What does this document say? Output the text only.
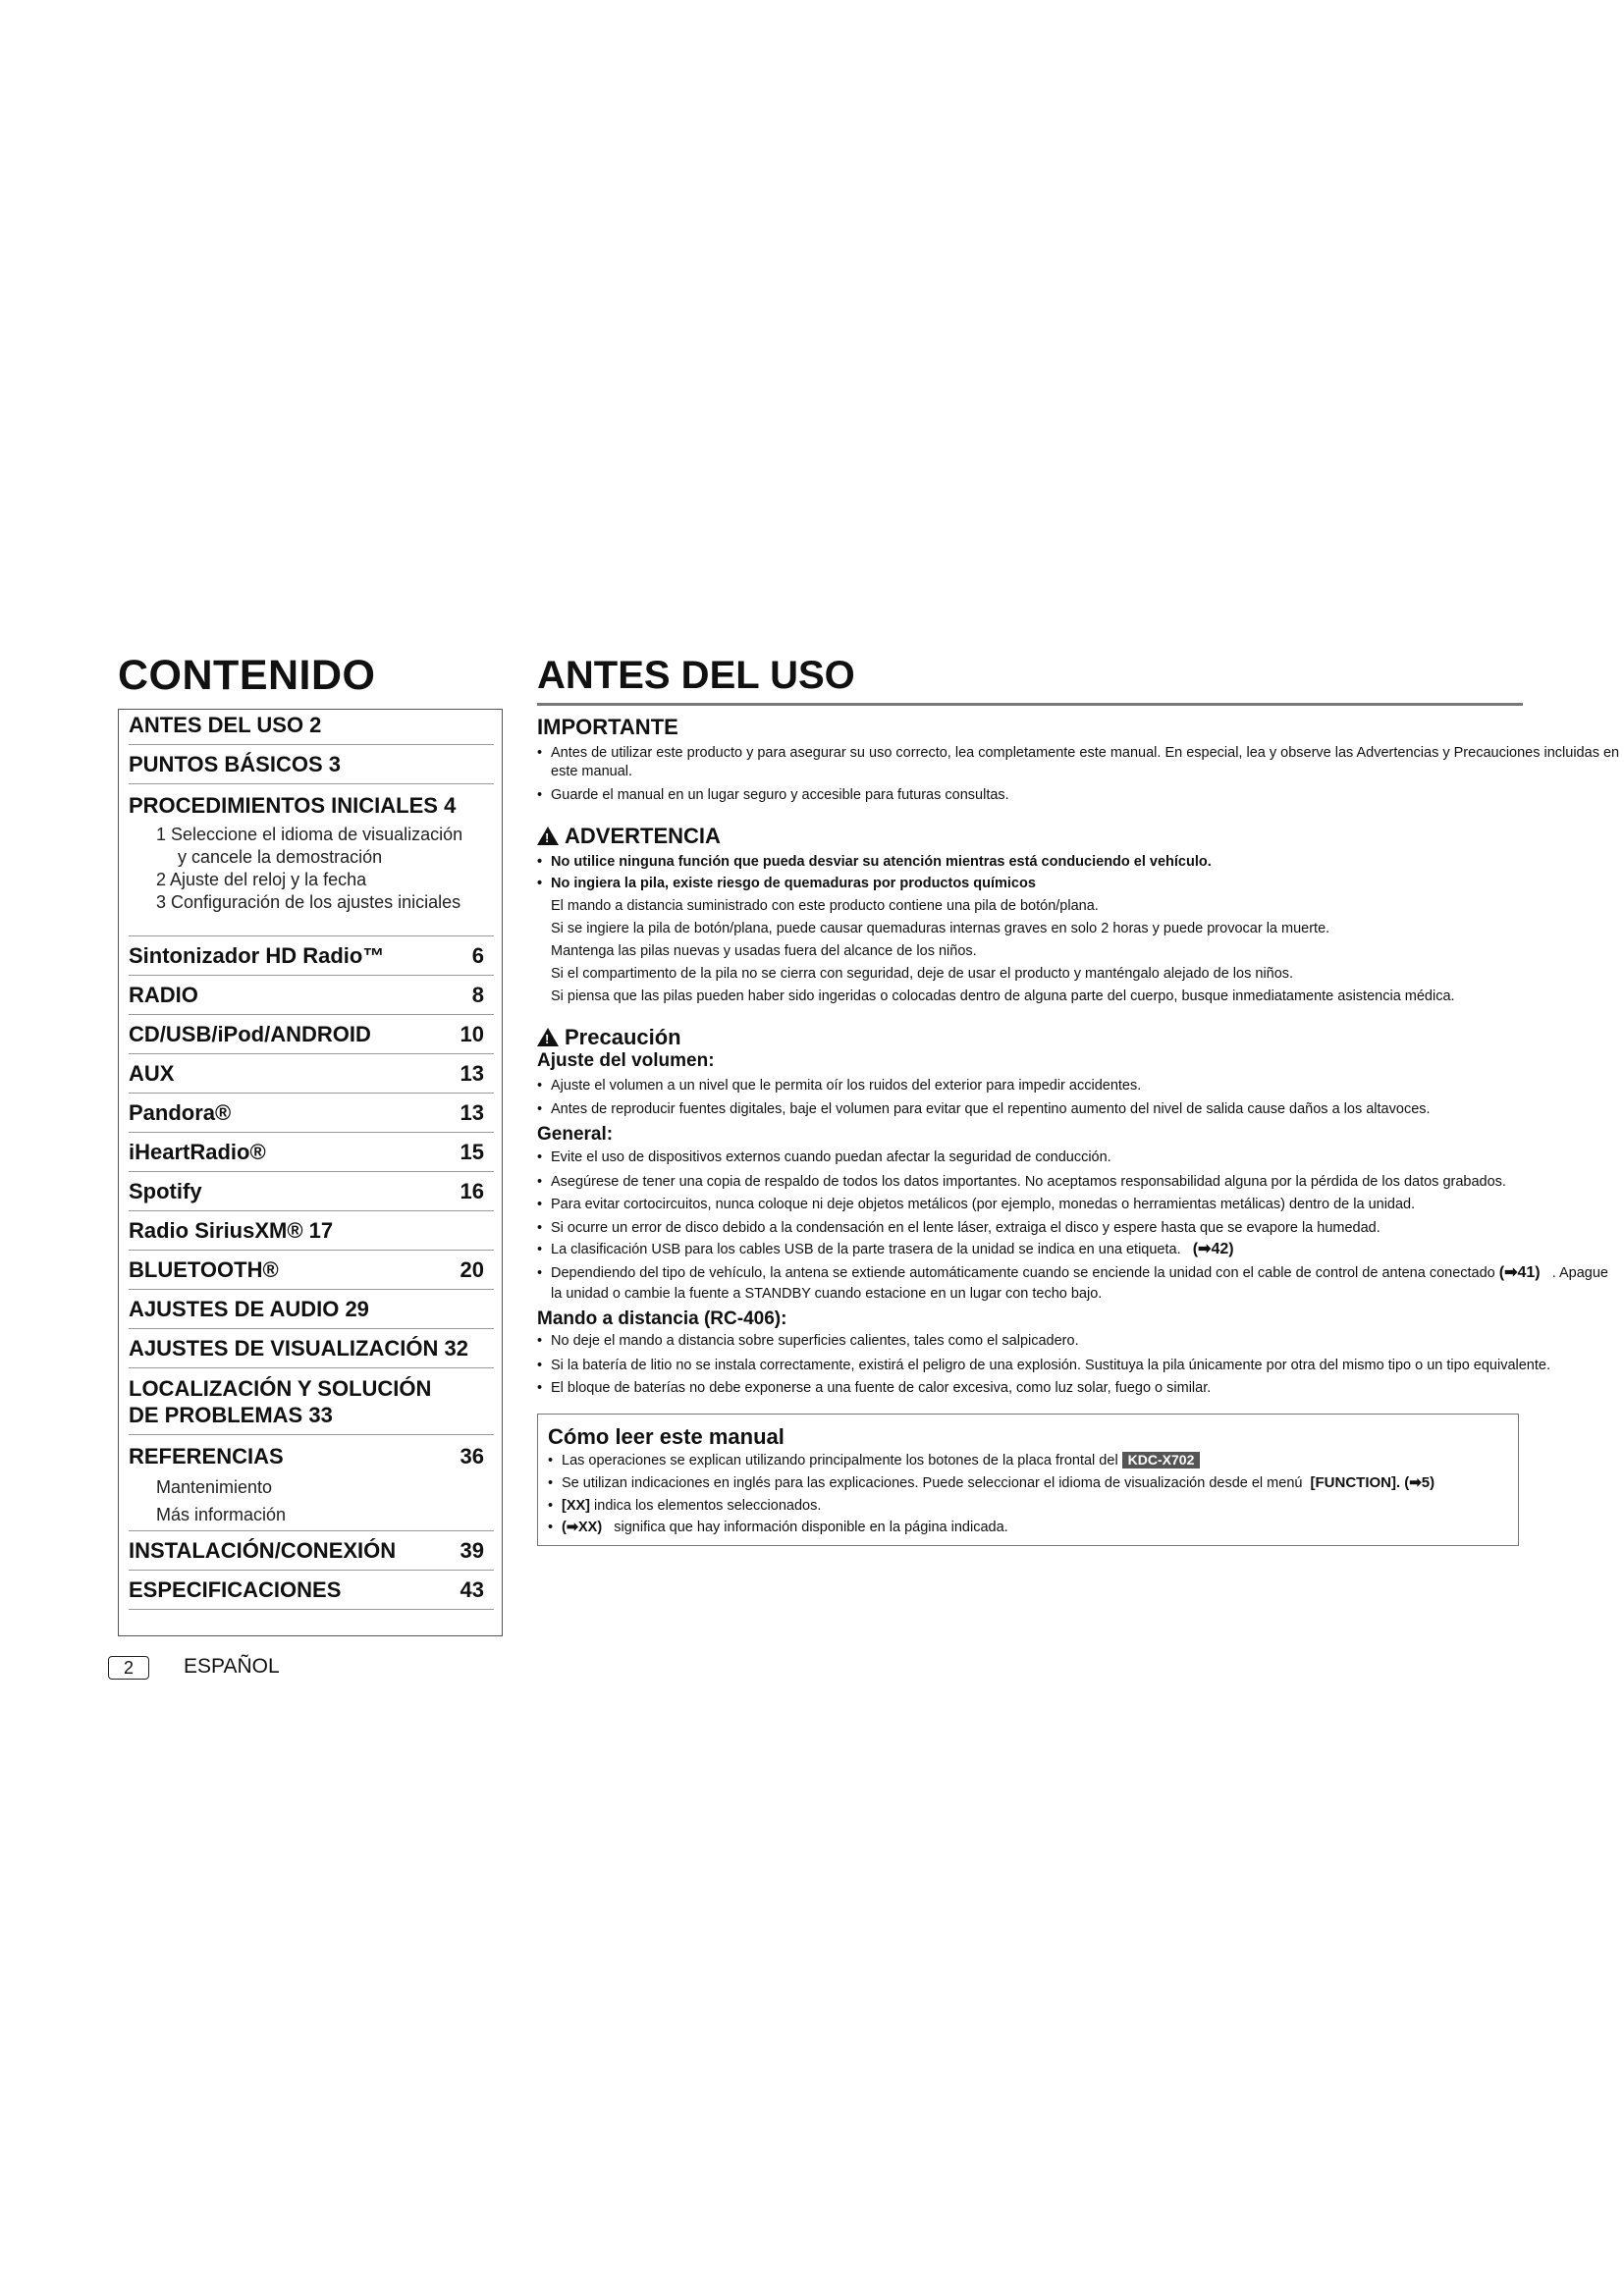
CONTENIDO
ANTES DEL USO 2
PUNTOS BÁSICOS 3
PROCEDIMIENTOS INICIALES 4
1 Seleccione el idioma de visualización
y cancele la demostración
2 Ajuste del reloj y la fecha
3 Configuración de los ajustes iniciales
Sintonizador HD Radio™	6
RADIO	8
CD/USB/iPod/ANDROID	10
AUX	13
Pandora®	13
iHeartRadio®	15
Spotify	16
Radio SiriusXM® 17
BLUETOOTH®	20
AJUSTES DE AUDIO 29
AJUSTES DE VISUALIZACIÓN 32
LOCALIZACIÓN Y SOLUCIÓN
DE PROBLEMAS 33
REFERENCIAS	36
Mantenimiento
Más información
INSTALACIÓN/CONEXIÓN	39
ESPECIFICACIONES	43
2	ESPAÑOL
ANTES DEL USO
IMPORTANTE
• Antes de utilizar este producto y para asegurar su uso correcto, lea completamente este manual. En especial, lea y observe las Advertencias y Precauciones incluidas en
este manual.
• Guarde el manual en un lugar seguro y accesible para futuras consultas.
!ADVERTENCIA
• No utilice ninguna función que pueda desviar su atención mientras está conduciendo el vehículo.
• No ingiera la pila, existe riesgo de quemaduras por productos químicos
El mando a distancia suministrado con este producto contiene una pila de botón/plana.
Si se ingiere la pila de botón/plana, puede causar quemaduras internas graves en solo 2 horas y puede provocar la muerte.
Mantenga las pilas nuevas y usadas fuera del alcance de los niños.
Si el compartimento de la pila no se cierra con seguridad, deje de usar el producto y manténgalo alejado de los niños.
Si piensa que las pilas pueden haber sido ingeridas o colocadas dentro de alguna parte del cuerpo, busque inmediatamente asistencia médica.
!Precaución
Ajuste del volumen:
• Ajuste el volumen a un nivel que le permita oír los ruidos del exterior para impedir accidentes.
• Antes de reproducir fuentes digitales, baje el volumen para evitar que el repentino aumento del nivel de salida cause daños a los altavoces.
General:
• Evite el uso de dispositivos externos cuando puedan afectar la seguridad de conducción.
• Asegúrese de tener una copia de respaldo de todos los datos importantes. No aceptamos responsabilidad alguna por la pérdida de los datos grabados.
• Para evitar cortocircuitos, nunca coloque ni deje objetos metálicos (por ejemplo, monedas o herramientas metálicas) dentro de la unidad.
• Si ocurre un error de disco debido a la condensación en el lente láser, extraiga el disco y espere hasta que se evapore la humedad.
• La clasificación USB para los cables USB de la parte trasera de la unidad se indica en una etiqueta. (➡42)
• Dependiendo del tipo de vehículo, la antena se extiende automáticamente cuando se enciende la unidad con el cable de control de antena conectado (➡41) . Apague
la unidad o cambie la fuente a STANDBY cuando estacione en un lugar con techo bajo.
Mando a distancia (RC-406):
• No deje el mando a distancia sobre superficies calientes, tales como el salpicadero.
• Si la batería de litio no se instala correctamente, existirá el peligro de una explosión. Sustituya la pila únicamente por otra del mismo tipo o un tipo equivalente.
• El bloque de baterías no debe exponerse a una fuente de calor excesiva, como luz solar, fuego o similar.
Cómo leer este manual
• Las operaciones se explican utilizando principalmente los botones de la placa frontal del KDC-X702
• Se utilizan indicaciones en inglés para las explicaciones. Puede seleccionar el idioma de visualización desde el menú [FUNCTION]. (➡5)
• [XX] indica los elementos seleccionados.
• (➡XX) significa que hay información disponible en la página indicada.
